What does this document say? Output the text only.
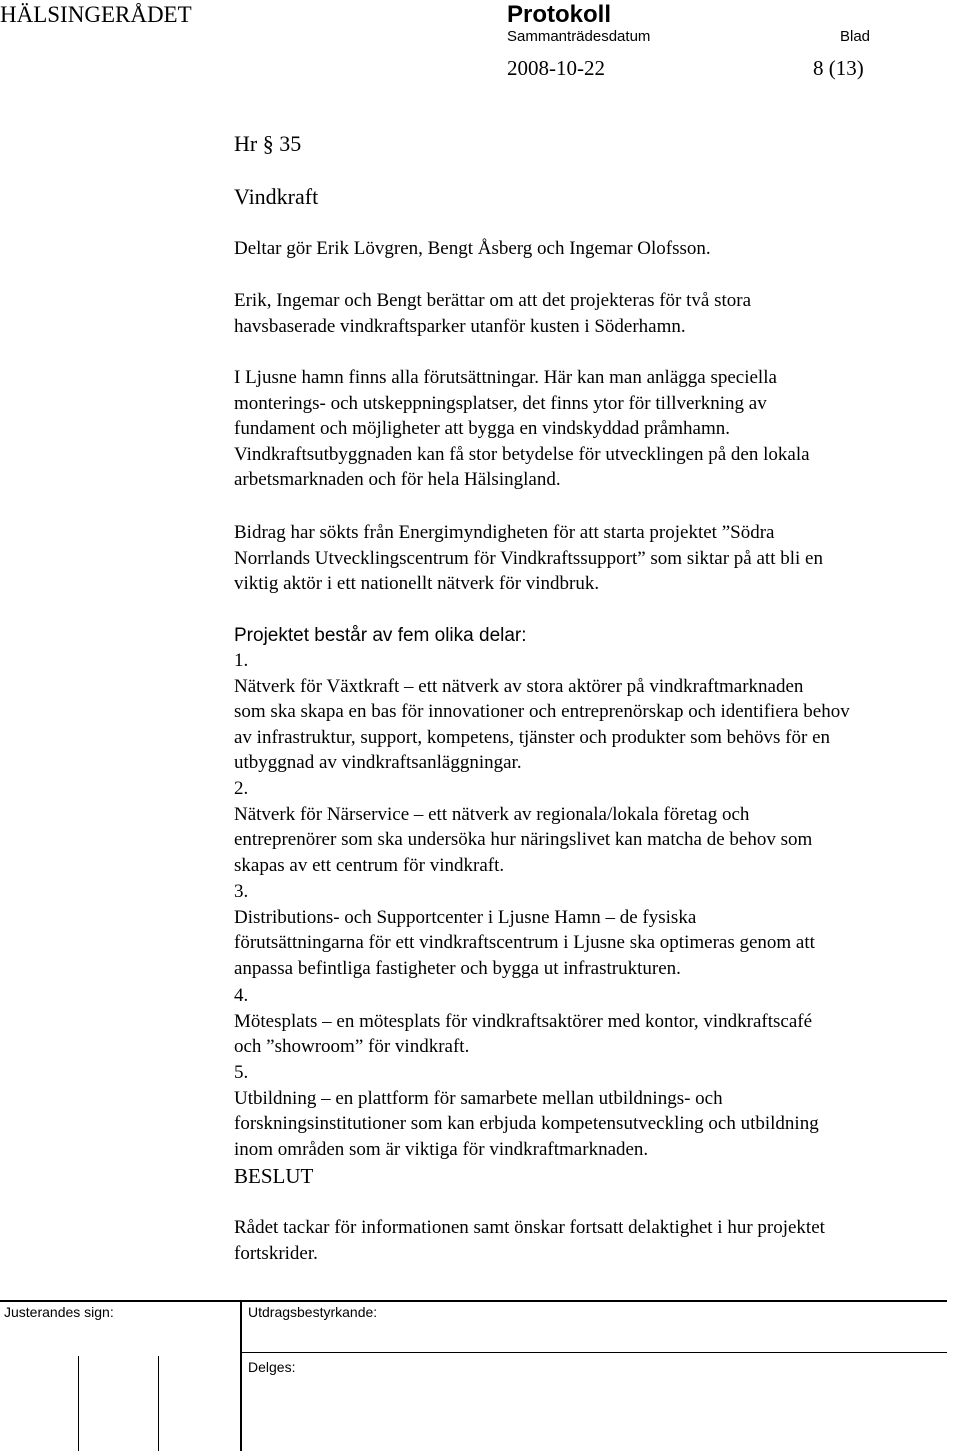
HÄLSINGERÅDET	Protokoll
Sammanträdesdatum	Blad
2008-10-22	8 (13)
Hr § 35
Vindkraft
Deltar gör Erik Lövgren, Bengt Åsberg och Ingemar Olofsson.
Erik, Ingemar och Bengt berättar om att det projekteras för två stora
havsbaserade vindkraftsparker utanför kusten i Söderhamn.
I Ljusne hamn finns alla förutsättningar. Här kan man anlägga speciella
monterings- och utskeppningsplatser, det finns ytor för tillverkning av
fundament och möjligheter att bygga en vindskyddad pråmhamn.
Vindkraftsutbyggnaden kan få stor betydelse för utvecklingen på den lokala
arbetsmarknaden och för hela Hälsingland.
Bidrag har sökts från Energimyndigheten för att starta projektet ”Södra
Norrlands Utvecklingscentrum för Vindkraftssupport” som siktar på att bli en
viktig aktör i ett nationellt nätverk för vindbruk.
Projektet består av fem olika delar:
1.
Nätverk för Växtkraft – ett nätverk av stora aktörer på vindkraftmarknaden
som ska skapa en bas för innovationer och entreprenörskap och identifiera behov
av infrastruktur, support, kompetens, tjänster och produkter som behövs för en
utbyggnad av vindkraftsanläggningar.
2.
Nätverk för Närservice – ett nätverk av regionala/lokala företag och
entreprenörer som ska undersöka hur näringslivet kan matcha de behov som
skapas av ett centrum för vindkraft.
3.
Distributions- och Supportcenter i Ljusne Hamn – de fysiska
förutsättningarna för ett vindkraftscentrum i Ljusne ska optimeras genom att
anpassa befintliga fastigheter och bygga ut infrastrukturen.
4.
Mötesplats – en mötesplats för vindkraftsaktörer med kontor, vindkraftscafé
och ”showroom” för vindkraft.
5.
Utbildning – en plattform för samarbete mellan utbildnings- och
forskningsinstitutioner som kan erbjuda kompetensutveckling och utbildning
inom områden som är viktiga för vindkraftmarknaden.
BESLUT
Rådet tackar för informationen samt önskar fortsatt delaktighet i hur projektet
fortskrider.
Justerandes sign:	Utdragsbestyrkande:
Delges:
